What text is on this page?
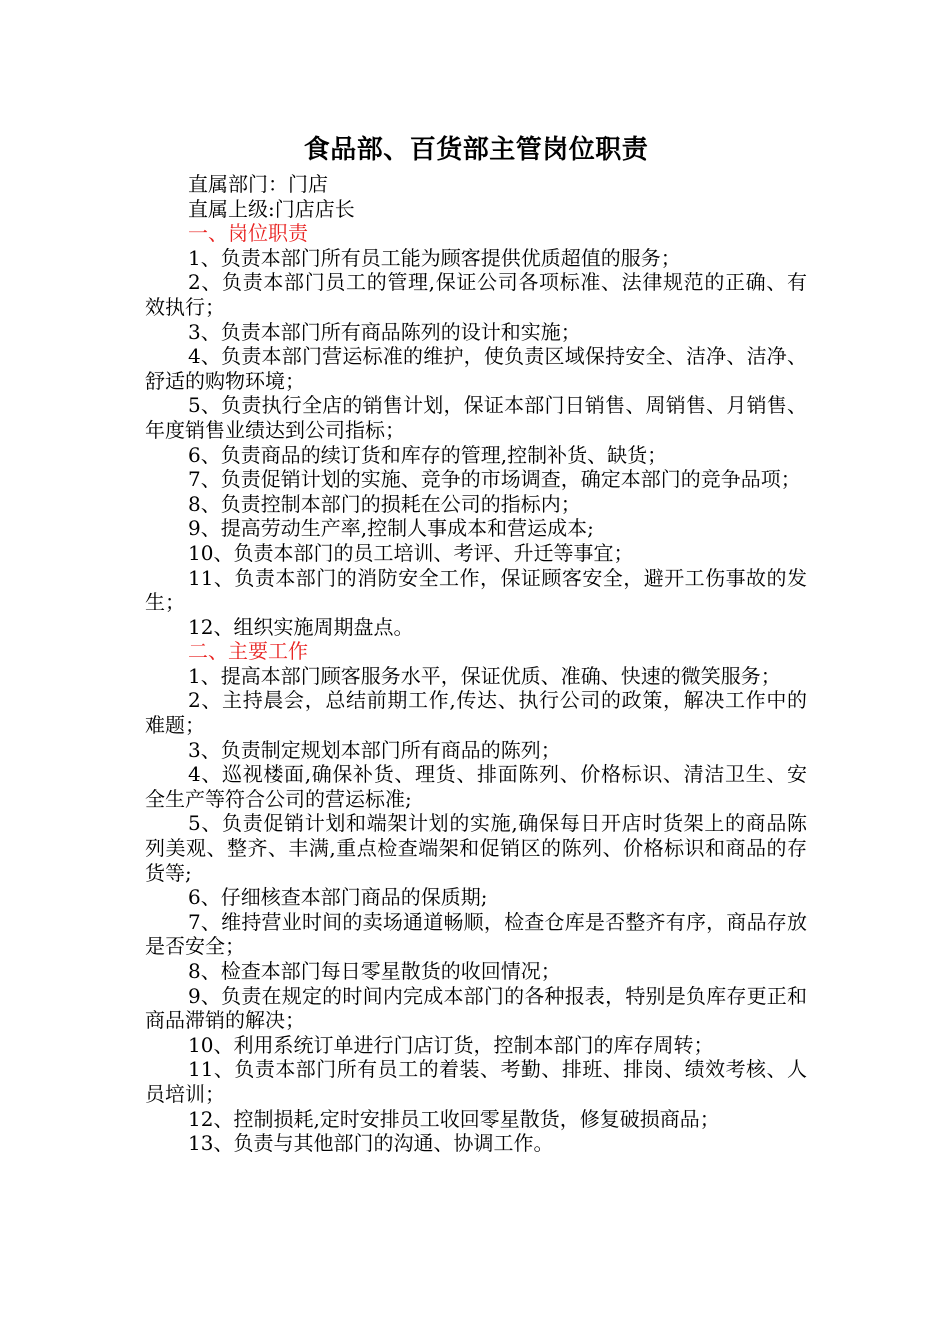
食品部、百货部主管岗位职责

直属部门：门店

直属上级:门店店长

一、岗位职责

1、负责本部门所有员工能为顾客提供优质超值的服务；

2、负责本部门员工的管理,保证公司各项标准、法律规范的正确、有效执行；

3、负责本部门所有商品陈列的设计和实施；

4、负责本部门营运标准的维护，使负责区域保持安全、洁净、洁净、舒适的购物环境；

5、负责执行全店的销售计划，保证本部门日销售、周销售、月销售、年度销售业绩达到公司指标；

6、负责商品的续订货和库存的管理,控制补货、缺货；

7、负责促销计划的实施、竞争的市场调查，确定本部门的竞争品项；

8、负责控制本部门的损耗在公司的指标内；

9、提高劳动生产率,控制人事成本和营运成本;

10、负责本部门的员工培训、考评、升迁等事宜；

11、负责本部门的消防安全工作，保证顾客安全，避开工伤事故的发生；

12、组织实施周期盘点。

二、主要工作

1、提高本部门顾客服务水平，保证优质、准确、快速的微笑服务；

2、主持晨会，总结前期工作,传达、执行公司的政策，解决工作中的难题；

3、负责制定规划本部门所有商品的陈列；

4、巡视楼面,确保补货、理货、排面陈列、价格标识、清洁卫生、安全生产等符合公司的营运标准;

5、负责促销计划和端架计划的实施,确保每日开店时货架上的商品陈列美观、整齐、丰满,重点检查端架和促销区的陈列、价格标识和商品的存货等;

6、仔细核查本部门商品的保质期;

7、维持营业时间的卖场通道畅顺，检查仓库是否整齐有序，商品存放是否安全；

8、检查本部门每日零星散货的收回情况；

9、负责在规定的时间内完成本部门的各种报表，特别是负库存更正和商品滞销的解决；

10、利用系统订单进行门店订货，控制本部门的库存周转；

11、负责本部门所有员工的着装、考勤、排班、排岗、绩效考核、人员培训；

12、控制损耗,定时安排员工收回零星散货，修复破损商品；

13、负责与其他部门的沟通、协调工作。
